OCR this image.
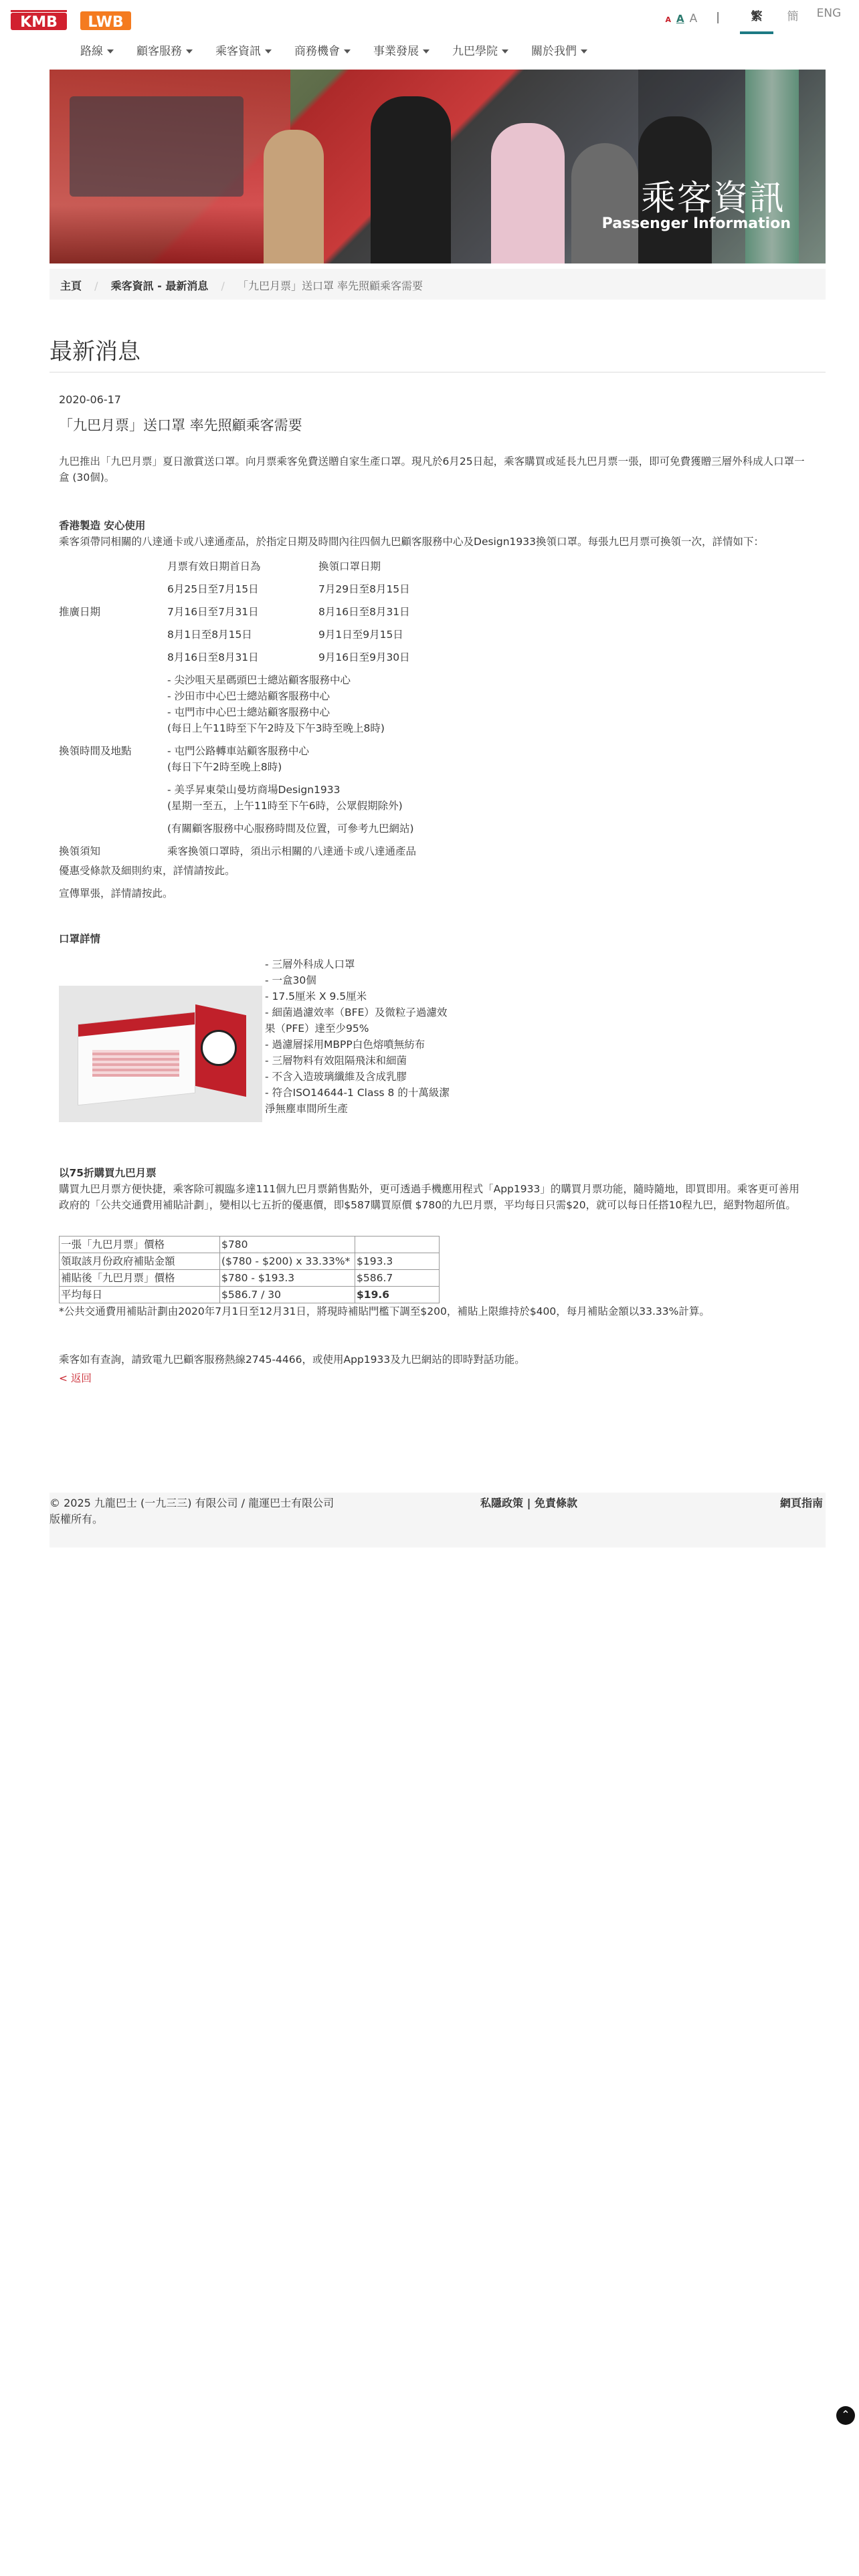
KMB LWB	A A A |	繁	簡	ENG
路線	顧客服務	乘客資訊	商務機會	事業發展	九巴學院	關於我們
乘客資訊
Passenger Information
主頁 / 乘客資訊 - 最新消息 / 「九巴月票」送口罩 率先照顧乘客需要
最新消息

2020-06-17

「九巴月票」送口罩 率先照顧乘客需要

九巴推出「九巴月票」夏日激賞送口罩。向月票乘客免費送贈自家生產口罩。現凡於6月25日起，乘客購買或延長九巴月票一張，即可免費獲贈三層外科成人口罩一盒 (30個)。

香港製造 安心使用

乘客須帶同相關的八達通卡或八達通產品，於指定日期及時間內往四個九巴顧客服務中心及Design1933換領口罩。每張九巴月票可換領一次，詳情如下：

	月票有效日期首日為	換領口罩日期
	6月25日至7月15日	7月29日至8月15日
推廣日期	7月16日至7月31日	8月16日至8月31日
	8月1日至8月15日	9月1日至9月15日
	8月16日至8月31日	9月16日至9月30日

	- 尖沙咀天星碼頭巴士總站顧客服務中心
- 沙田市中心巴士總站顧客服務中心
- 屯門市中心巴士總站顧客服務中心
(每日上午11時至下午2時及下午3時至晚上8時)	

換領時間及地點	- 屯門公路轉車站顧客服務中心
(每日下午2時至晚上8時)	

	- 美孚昇東榮山曼坊商場Design1933
(星期一至五，上午11時至下午6時，公眾假期除外)	

	(有關顧客服務中心服務時間及位置，可參考九巴網站)	
換領須知	乘客換領口罩時，須出示相關的八達通卡或八達通產品	

優惠受條款及細則約束，詳情請按此。

宣傳單張，詳情請按此。

口罩詳情

- 三層外科成人口罩
- 一盒30個
- 17.5厘米 X 9.5厘米
- 細菌過濾效率（BFE）及微粒子過濾效果（PFE）達至少95%
- 過濾層採用MBPP白色熔噴無紡布
- 三層物料有效阻隔飛沫和細菌
- 不含入造玻璃纖維及含成乳膠
- 符合ISO14644-1 Class 8 的十萬級潔淨無塵車間所生產

以75折購買九巴月票

購買九巴月票方便快捷，乘客除可親臨多達111個九巴月票銷售點外，更可透過手機應用程式「App1933」的購買月票功能，隨時隨地，即買即用。乘客更可善用政府的「公共交通費用補貼計劃」，變相以七五折的優惠價，即$587購買原價 $780的九巴月票，平均每日只需$20，就可以每日任搭10程九巴，絕對物超所值。

一張「九巴月票」價格	$780	
領取該月份政府補貼金額	($780 - $200) x 33.33%*	$193.3
補貼後「九巴月票」價格	$780 - $193.3	$586.7
平均每日	$586.7 / 30	$19.6

*公共交通費用補貼計劃由2020年7月1日至12月31日，將現時補貼門檻下調至$200，補貼上限維持於$400，每月補貼金額以33.33%計算。

乘客如有查詢，請致電九巴顧客服務熱線2745-4466，或使用App1933及九巴網站的即時對話功能。

< 返回

© 2025 九龍巴士 (一九三三) 有限公司 / 龍運巴士有限公司
版權所有。
私隱政策 | 免責條款	網頁指南
⌃
